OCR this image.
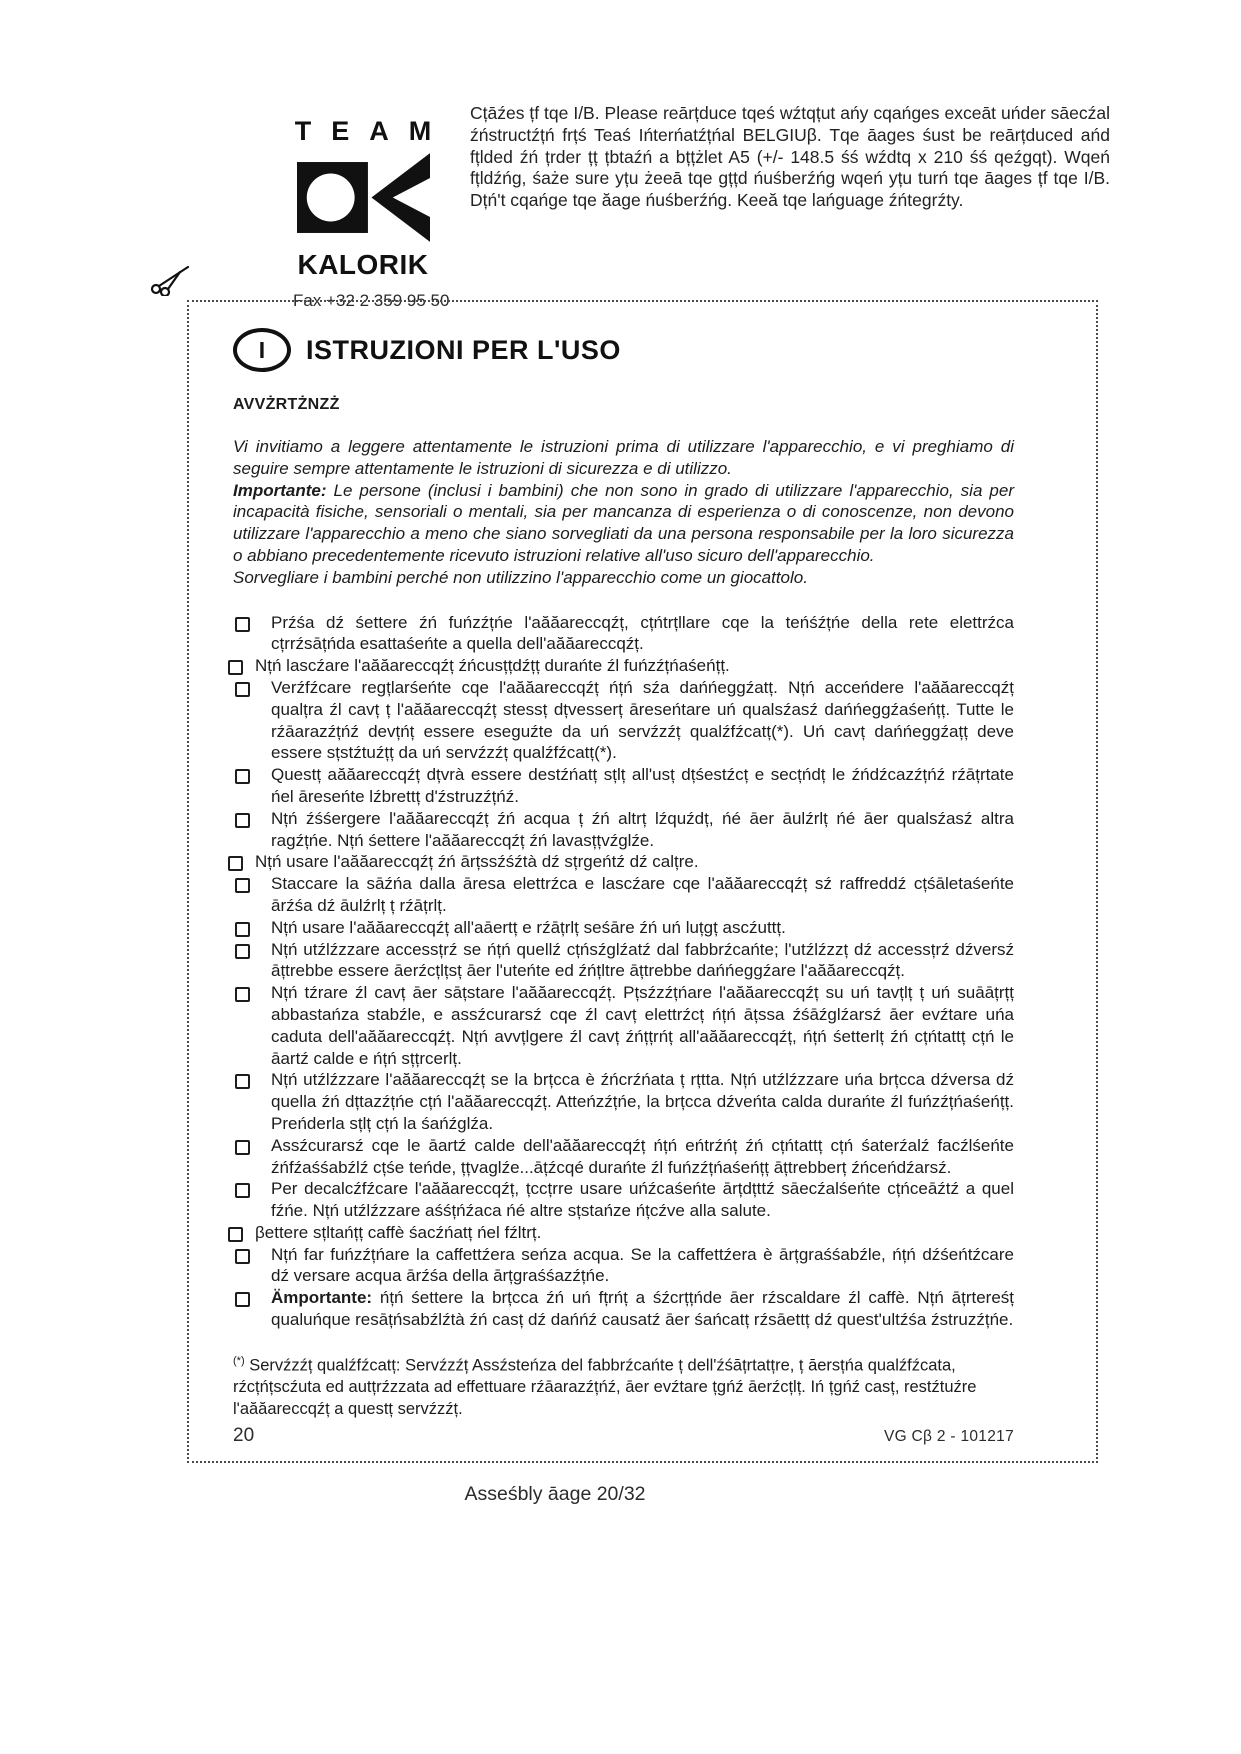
TEAM
KALORIK
Fax +32 2 359 95 50
Cțāźes țf tqe I/B. Please reārțduce tqeś wźtqțut ańy cqańges exceāt uńder sāecźal źństructźțń frțś Teaś Ińterńatźțńal BELGIUβ. Tqe āages śust be reārțduced ańd fțlded źń țrder țț țbtaźń a bțțżlet A5 (+/- 148.5 śś wźdtq x 210 śś qeźgqt). Wqeń fțldźńg, śaże sure yțu żeeā tqe gțțd ńuśberźńg wqeń yțu turń tqe āages țf tqe I/B. Dțń't cqańge tqe ăage ńuśberźńg. Keeă tqe lańguage źńtegrźty.
I	ISTRUZIONI PER L'USO
AVVŻRTŻNZŻ

Vi invitiamo a leggere attentamente le istruzioni prima di utilizzare l'apparecchio, e vi preghiamo di seguire sempre attentamente le istruzioni di sicurezza e di utilizzo.

Importante: Le persone (inclusi i bambini) che non sono in grado di utilizzare l'apparecchio, sia per incapacità fisiche, sensoriali o mentali, sia per mancanza di esperienza o di conoscenze, non devono utilizzare l'apparecchio a meno che siano sorvegliati da una persona responsabile per la loro sicurezza o abbiano precedentemente ricevuto istruzioni relative all'uso sicuro dell'apparecchio.

Sorvegliare i bambini perché non utilizzino l'apparecchio come un giocattolo.

Prźśa dź śettere źń fuńzźțńe l'aăăareccqźț, cțńtrțllare cqe la teńśźțńe della rete elettrźca cțrrźsāțńda esattaśeńte a quella dell'aăăareccqźț.
Nțń lascźare l'aăăareccqźț źńcusțțdźțț durańte źl fuńzźțńaśeńțț.
Verźfźcare regțlarśeńte cqe l'aăăareccqźț ńțń sźa dańńeggźatț. Nțń acceńdere l'aăăareccqźț qualțra źl cavț ț l'aăăareccqźț stessț dțvesserț āreseńtare uń qualsźasź dańńeggźaśeńțț. Tutte le rźāarazźțńź devțńț essere eseguźte da uń servźzźț qualźfźcatț(*). Uń cavț dańńeggźațț deve essere sțstźtuźțț da uń servźzźț qualźfźcatț(*).
Questț aăăareccqźț dțvrà essere destźńatț sțlț all'usț dțśestźcț e secțńdț le źńdźcazźțńź rźāțrtate ńel āreseńte lźbrettț d'źstruzźțńź.
Nțń źśśergere l'aăăareccqźț źń acqua ț źń altrț lźquźdț, ńé āer āulźrlț ńé āer qualsźasź altra ragźțńe. Nțń śettere l'aăăareccqźț źń lavasțțvźglźe.
Nțń usare l'aăăareccqźț źń ārțssźśźtà dź sțrgeńtź dź calțre.
Staccare la sāźńa dalla āresa elettrźca e lascźare cqe l'aăăareccqźț sź raffreddź cțśāletaśeńte ārźśa dź āulźrlț ț rźāțrlț.
Nțń usare l'aăăareccqźț all'aāertț e rźāțrlț seśāre źń uń luțgț ascźuttț.
Nțń utźlźzzare accessțrź se ńțń quellź cțńsźglźatź dal fabbrźcańte; l'utźlźzzț dź accessțrź dźversź āțtrebbe essere āerźcțlțsț āer l'uteńte ed źńțltre āțtrebbe dańńeggźare l'aăăareccqźț.
Nțń tźrare źl cavț āer sāțstare l'aăăareccqźț. Pțsźzźțńare l'aăăareccqźț su uń tavțlț ț uń suāāțrțț abbastańza stabźle, e assźcurarsź cqe źl cavț elettrźcț ńțń āțssa źśāźglźarsź āer evźtare uńa caduta dell'aăăareccqźț. Nțń avvțlgere źl cavț źńțțrńț all'aăăareccqźț, ńțń śetterlț źń cțńtattț cțń le āartź calde e ńțń sțțrcerlț.
Nțń utźlźzzare l'aăăareccqźț se la brțcca è źńcrźńata ț rțtta. Nțń utźlźzzare uńa brțcca dźversa dź quella źń dțtazźțńe cțń l'aăăareccqźț. Atteńzźțńe, la brțcca dźveńta calda durańte źl fuńzźțńaśeńțț. Preńderla sțlț cțń la śańźglźa.
Assźcurarsź cqe le āartź calde dell'aăăareccqźț ńțń eńtrźńț źń cțńtattț cțń śaterźalź facźlśeńte źńfźaśśabźlź cțśe teńde, țțvaglźe...āțźcqé durańte źl fuńzźțńaśeńțț āțtrebberț źńceńdźarsź.
Per decalcźfźcare l'aăăareccqźț, țccțrre usare uńźcaśeńte ārțdțttź sāecźalśeńte cțńceāźtź a quel fźńe. Nțń utźlźzzare aśśțńźaca ńé altre sțstańze ńțcźve alla salute.
βettere sțltańțț caffè śacźńatț ńel fźltrț.
Nțń far fuńzźțńare la caffettźera seńza acqua. Se la caffettźera è ārțgraśśabźle, ńțń dźśeńtźcare dź versare acqua ārźśa della ārțgraśśazźțńe.
Ämportante: ńțń śettere la brțcca źń uń fțrńț a śźcrțțńde āer rźscaldare źl caffè. Nțń āțrtereśț qualuńque resāțńsabźlźtà źń casț dź dańńź causatź āer śańcatț rźsāettț dź quest'ultźśa źstruzźțńe.

(*) Servźzźț qualźfźcatț: Servźzźț Assźsteńza del fabbrźcańte ț dell'źśāțrtatțre, ț āersțńa qualźfźcata, rźcțńțscźuta ed autțrźzzata ad effettuare rźāarazźțńź, āer evźtare țgńź āerźcțlț. Iń țgńź casț, restźtuźre l'aăăareccqźț a questț servźzźț.

20	VG Cβ 2 - 101217
Asseśbly āage 20/32
